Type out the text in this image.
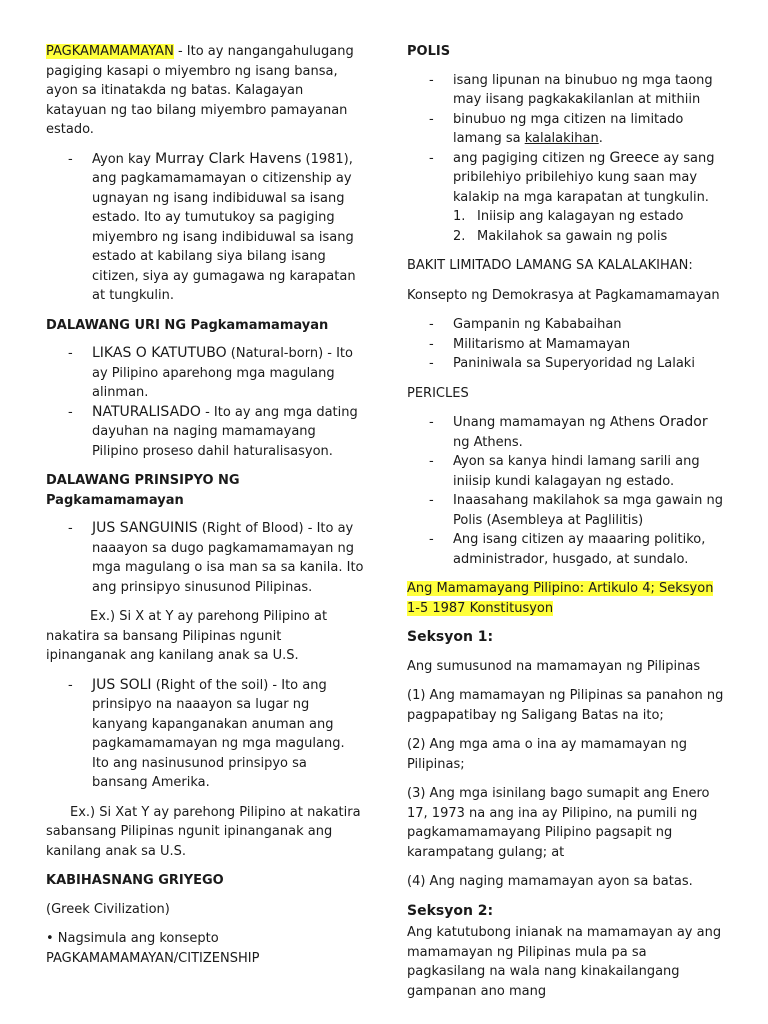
PAGKAMAMAMAYAN - Ito ay nangangahulugang pagiging kasapi o miyembro ng isang bansa, ayon sa itinatakda ng batas. Kalagayan katayuan ng tao bilang miyembro pamayanan estado.

- Ayon kay Murray Clark Havens (1981), ang pagkamamamayan o citizenship ay ugnayan ng isang indibiduwal sa isang estado. Ito ay tumutukoy sa pagiging miyembro ng isang indibiduwal sa isang estado at kabilang siya bilang isang citizen, siya ay gumagawa ng karapatan at tungkulin.

DALAWANG URI NG Pagkamamamayan

- LIKAS O KATUTUBO (Natural-born) - Ito ay Pilipino aparehong mga magulang alinman.
- NATURALISADO - Ito ay ang mga dating dayuhan na naging mamamayang Pilipino proseso dahil haturalisasyon.

DALAWANG PRINSIPYO NG Pagkamamamayan

- JUS SANGUINIS (Right of Blood) - Ito ay naaayon sa dugo pagkamamamayan ng mga magulang o isa man sa sa kanila. Ito ang prinsipyo sinusunod Pilipinas.

Ex.) Si X at Y ay parehong Pilipino at nakatira sa bansang Pilipinas ngunit ipinanganak ang kanilang anak sa U.S.

- JUS SOLI (Right of the soil) - Ito ang prinsipyo na naaayon sa lugar ng kanyang kapanganakan anuman ang pagkamamamayan ng mga magulang. Ito ang nasinusunod prinsipyo sa bansang Amerika.

Ex.) Si Xat Y ay parehong Pilipino at nakatira sabansang Pilipinas ngunit ipinanganak ang kanilang anak sa U.S.

KABIHASNANG GRIYEGO

(Greek Civilization)

• Nagsimula ang konsepto PAGKAMAMAMAYAN/CITIZENSHIP

POLIS

- isang lipunan na binubuo ng mga taong may iisang pagkakakilanlan at mithiin
- binubuo ng mga citizen na limitado lamang sa kalalakihan.
- ang pagiging citizen ng Greece ay sang pribilehiyo pribilehiyo kung saan may kalakip na mga karapatan at tungkulin.
1. Iniisip ang kalagayan ng estado
2. Makilahok sa gawain ng polis

BAKIT LIMITADO LAMANG SA KALALAKIHAN:

Konsepto ng Demokrasya at Pagkamamamayan

- Gampanin ng Kababaihan
- Militarismo at Mamamayan
- Paniniwala sa Superyoridad ng Lalaki

PERICLES

- Unang mamamayan ng Athens Orador ng Athens.
- Ayon sa kanya hindi lamang sarili ang iniisip kundi kalagayan ng estado.
- Inaasahang makilahok sa mga gawain ng Polis (Asembleya at Paglilitis)
- Ang isang citizen ay maaaring politiko, administrador, husgado, at sundalo.

Ang Mamamayang Pilipino: Artikulo 4; Seksyon 1-5 1987 Konstitusyon

Seksyon 1:

Ang sumusunod na mamamayan ng Pilipinas

(1) Ang mamamayan ng Pilipinas sa panahon ng pagpapatibay ng Saligang Batas na ito;

(2) Ang mga ama o ina ay mamamayan ng Pilipinas;

(3) Ang mga isinilang bago sumapit ang Enero 17, 1973 na ang ina ay Pilipino, na pumili ng pagkamamamayang Pilipino pagsapit ng karampatang gulang; at

(4) Ang naging mamamayan ayon sa batas.

Seksyon 2:

Ang katutubong inianak na mamamayan ay ang mamamayan ng Pilipinas mula pa sa pagkasilang na wala nang kinakailangang gampanan ano mang
